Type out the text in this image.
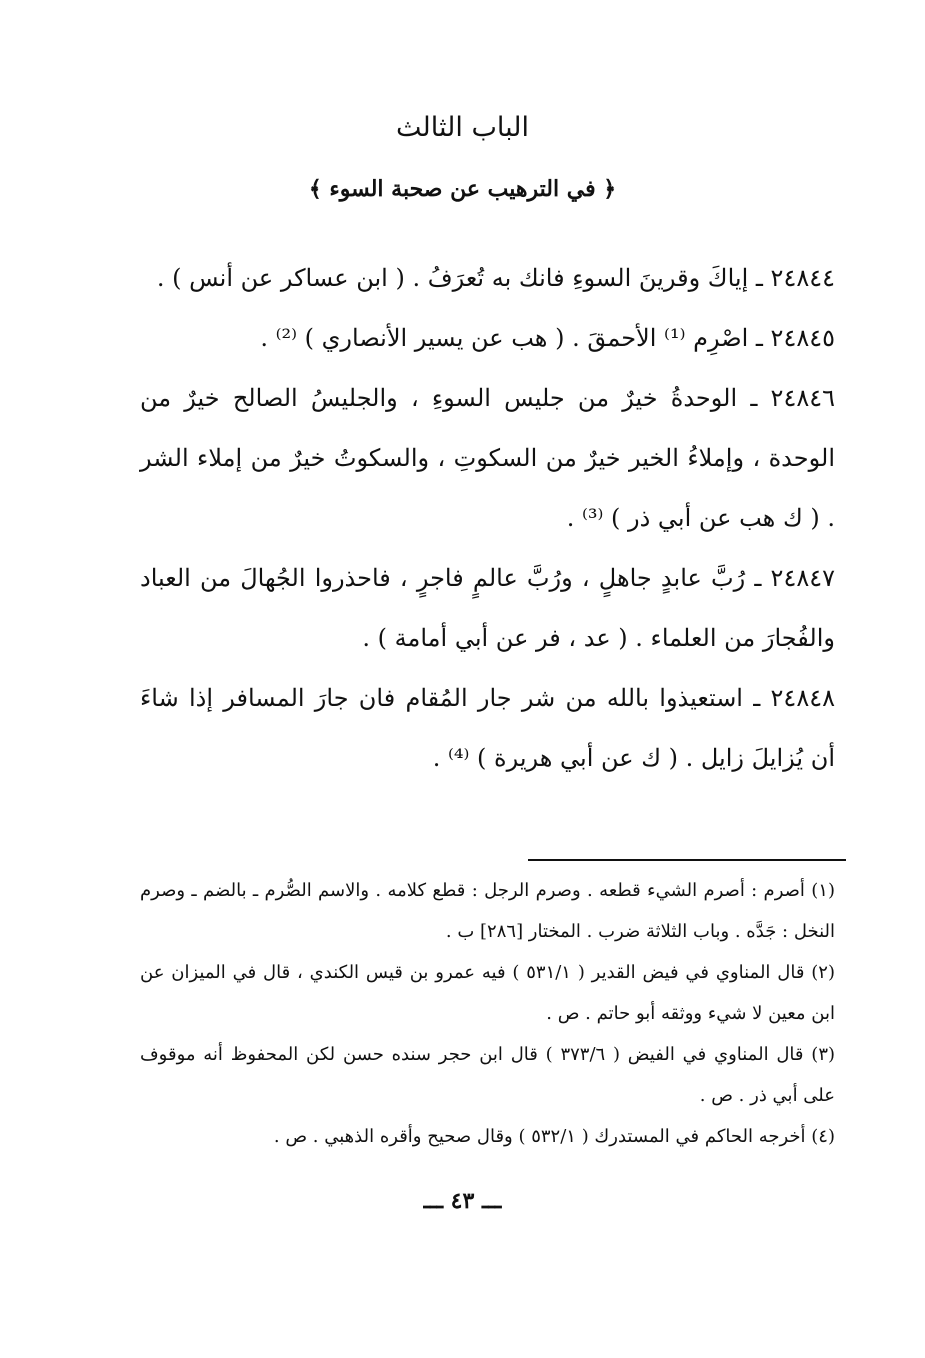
الباب الثالث
﴿ في الترهيب عن صحبة السوء ﴾

٢٤٨٤٤ ـ إياكَ وقرينَ السوءِ فانك به تُعرَفُ . ( ابن عساكر عن أنس ) .

٢٤٨٤٥ ـ اصْرِم ⁽¹⁾ الأحمقَ . ( هب عن يسير الأنصاري ) ⁽²⁾ .

٢٤٨٤٦ ـ الوحدةُ خيرٌ من جليس السوءِ ، والجليسُ الصالح خيرٌ من الوحدة ، وإملاءُ الخير خيرٌ من السكوتِ ، والسكوتُ خيرٌ من إملاء الشر . ( ك هب عن أبي ذر ) ⁽³⁾ .

٢٤٨٤٧ ـ رُبَّ عابدٍ جاهلٍ ، ورُبَّ عالمٍ فاجرٍ ، فاحذروا الجُهالَ من العباد والفُجارَ من العلماء . ( عد ، فر عن أبي أمامة ) .

٢٤٨٤٨ ـ استعيذوا بالله من شر جار المُقام فان جارَ المسافر إذا شاءَ أن يُزايلَ زايل . ( ك عن أبي هريرة ) ⁽⁴⁾ .

(١) أصرم : أصرم الشيء قطعه . وصرم الرجل : قطع كلامه . والاسم الصُّرم ـ بالضم ـ وصرم النخل : جَدَّه . وباب الثلاثة ضرب . المختار [٢٨٦] ب .

(٢) قال المناوي في فيض القدير ( ٥٣١/١ ) فيه عمرو بن قيس الكندي ، قال في الميزان عن ابن معين لا شيء ووثقه أبو حاتم . ص .

(٣) قال المناوي في الفيض ( ٣٧٣/٦ ) قال ابن حجر سنده حسن لكن المحفوظ أنه موقوف على أبي ذر . ص .

(٤) أخرجه الحاكم في المستدرك ( ٥٣٢/١ ) وقال صحيح وأقره الذهبي . ص .

ـــ ٤٣ ـــ
